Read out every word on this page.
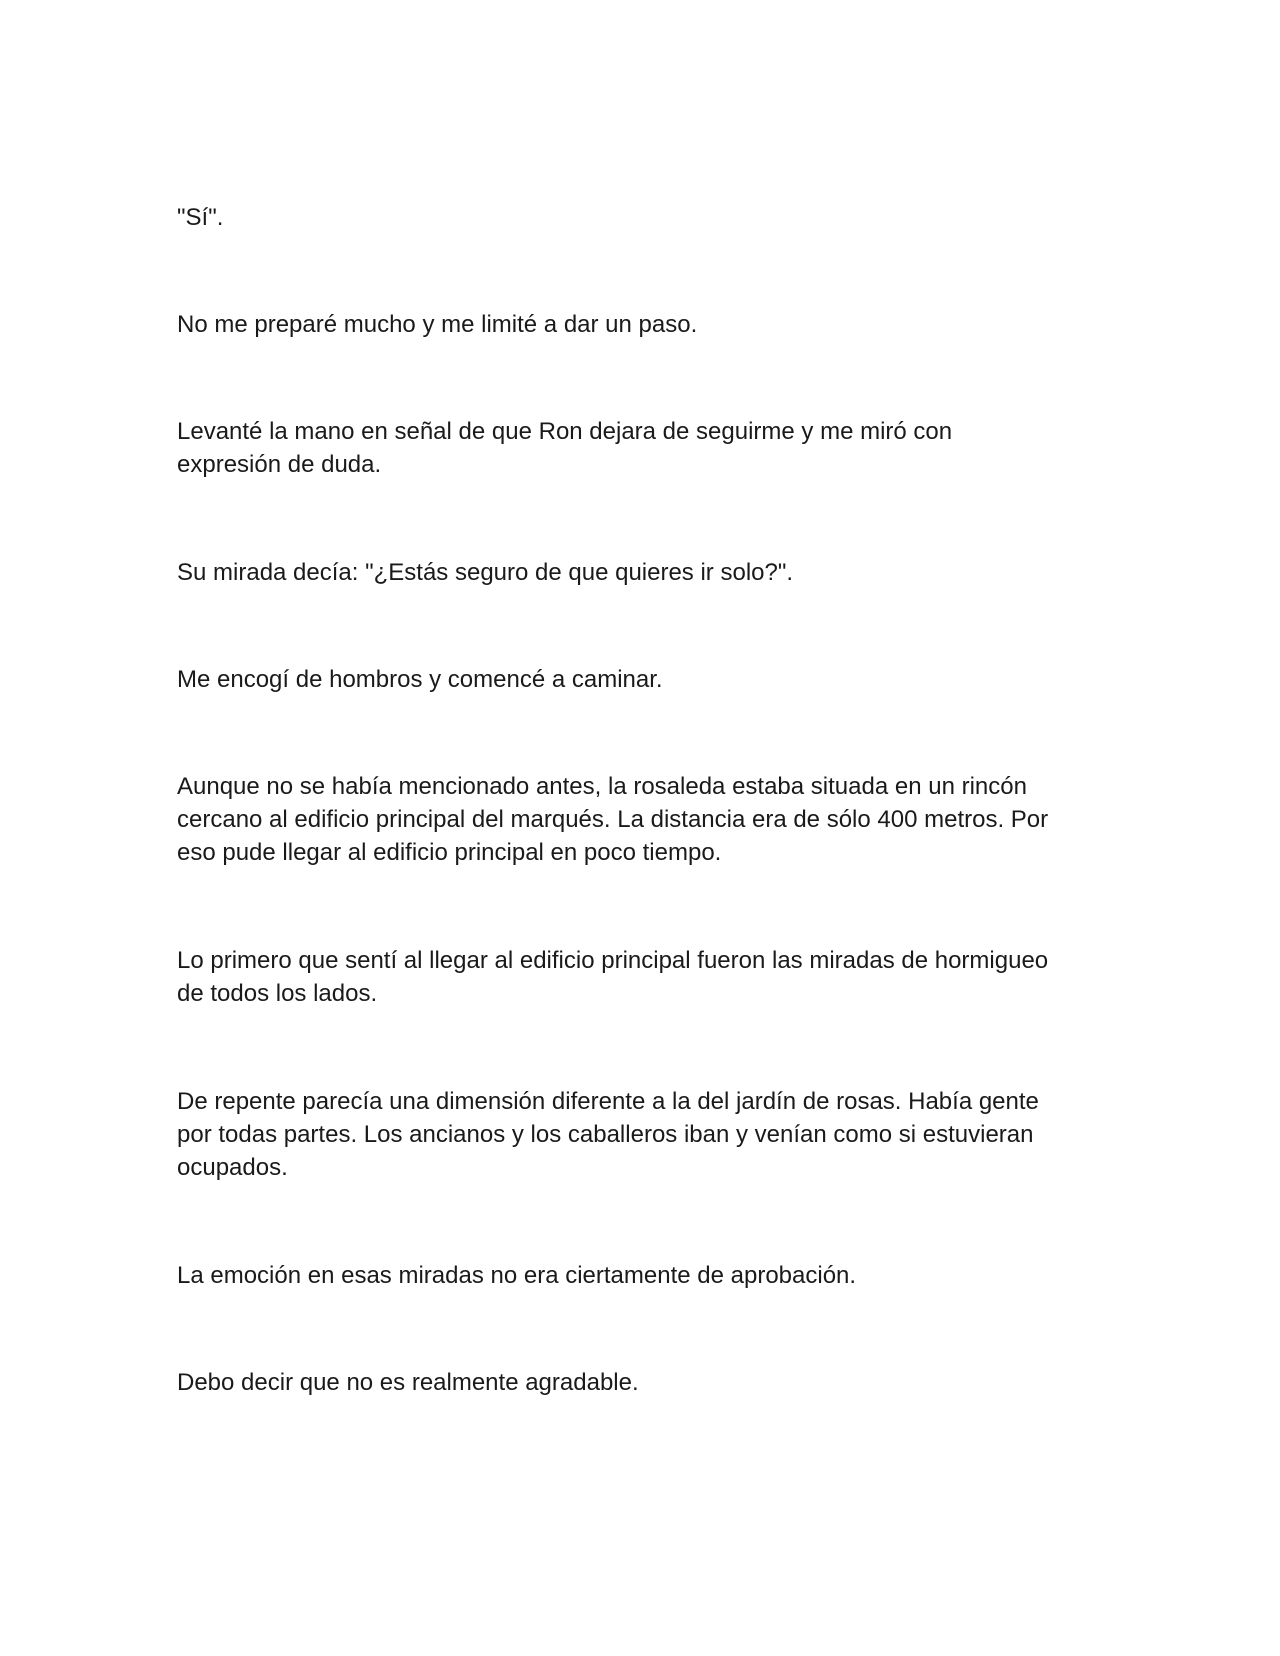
"Sí".

No me preparé mucho y me limité a dar un paso.

Levanté la mano en señal de que Ron dejara de seguirme y me miró con
expresión de duda.

Su mirada decía: "¿Estás seguro de que quieres ir solo?".

Me encogí de hombros y comencé a caminar.

Aunque no se había mencionado antes, la rosaleda estaba situada en un rincón
cercano al edificio principal del marqués. La distancia era de sólo 400 metros. Por
eso pude llegar al edificio principal en poco tiempo.

Lo primero que sentí al llegar al edificio principal fueron las miradas de hormigueo
de todos los lados.

De repente parecía una dimensión diferente a la del jardín de rosas. Había gente
por todas partes. Los ancianos y los caballeros iban y venían como si estuvieran
ocupados.

La emoción en esas miradas no era ciertamente de aprobación.

Debo decir que no es realmente agradable.
